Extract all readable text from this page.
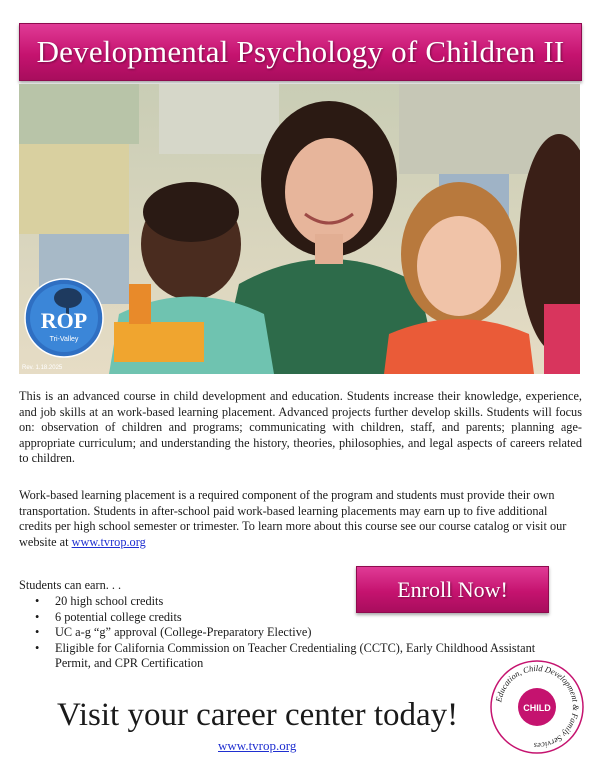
Developmental Psychology of Children II
ROP
Tri-Valley
Rev. 1.18.2025

This is an advanced course in child development and education. Students increase their knowledge, experience, and job skills at an work-based learning placement. Advanced projects further develop skills. Students will focus on: observation of children and programs; communicating with children, staff, and parents; planning age-appropriate curriculum; and understanding the history, theories, philosophies, and legal aspects of careers related to children.

Work-based learning placement is a required component of the program and students must provide their own transportation. Students in after-school paid work-based learning placements may earn up to five additional credits per high school semester or trimester. To learn more about this course see our course catalog or visit our website at www.tvrop.org

Students can earn. . .
• 20 high school credits
• 6 potential college credits
• UC a-g “g” approval (College-Preparatory Elective)
• Eligible for California Commission on Teacher Credentialing (CCTC), Early Childhood Assistant Permit, and CPR Certification
Enroll Now!
Visit your career center today!
www.tvrop.org
Education, Child Development & Family Services
CHILD
